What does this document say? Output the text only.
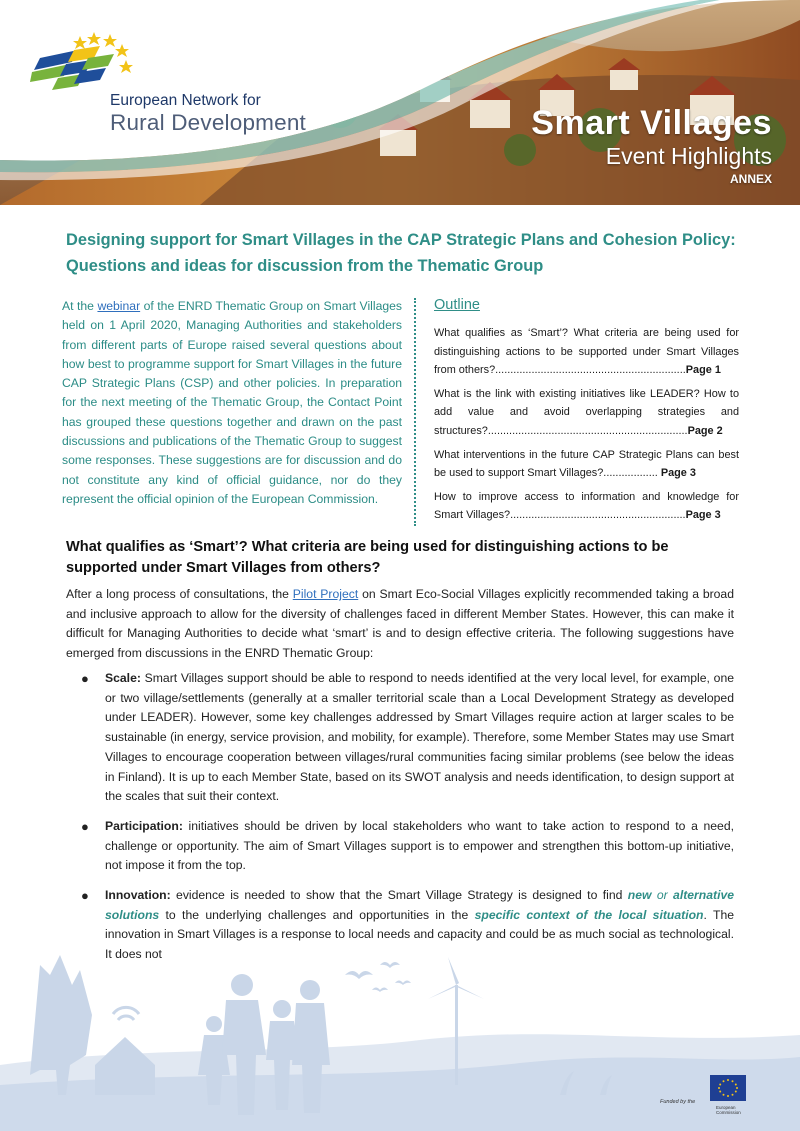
European Network for
Rural Development	Smart Villages
Event Highlights
ANNEX
Designing support for Smart Villages in the CAP Strategic Plans and Cohesion Policy:
Questions and ideas for discussion from the Thematic Group

At the webinar of the ENRD Thematic Group on Smart Villages held on 1 April 2020, Managing Authorities and stakeholders from different parts of Europe raised several questions about how best to programme support for Smart Villages in the future CAP Strategic Plans (CSP) and other policies. In preparation for the next meeting of the Thematic Group, the Contact Point has grouped these questions together and drawn on the past discussions and publications of the Thematic Group to suggest some responses. These suggestions are for discussion and do not constitute any kind of official guidance, nor do they represent the official opinion of the European Commission.

Outline
What qualifies as ‘Smart’? What criteria are being used for distinguishing actions to be supported under Smart Villages from others?...............................................................Page 1
What is the link with existing initiatives like LEADER? How to add value and avoid overlapping strategies and structures?..................................................................Page 2
What interventions in the future CAP Strategic Plans can best be used to support Smart Villages?.................. Page 3
How to improve access to information and knowledge for Smart Villages?..........................................................Page 3
What qualifies as ‘Smart’? What criteria are being used for distinguishing actions to be supported under Smart Villages from others?

After a long process of consultations, the Pilot Project on Smart Eco-Social Villages explicitly recommended taking a broad and inclusive approach to allow for the diversity of challenges faced in different Member States. However, this can make it difficult for Managing Authorities to decide what ‘smart’ is and to design effective criteria. The following suggestions have emerged from discussions in the ENRD Thematic Group:

● Scale: Smart Villages support should be able to respond to needs identified at the very local level, for example, one or two village/settlements (generally at a smaller territorial scale than a Local Development Strategy as developed under LEADER). However, some key challenges addressed by Smart Villages require action at larger scales to be sustainable (in energy, service provision, and mobility, for example). Therefore, some Member States may use Smart Villages to encourage cooperation between villages/rural communities facing similar problems (see below the ideas in Finland). It is up to each Member State, based on its SWOT analysis and needs identification, to design support at the scales that suit their context.
● Participation: initiatives should be driven by local stakeholders who want to take action to respond to a need, challenge or opportunity. The aim of Smart Villages support is to empower and strengthen this bottom-up initiative, not impose it from the top.
● Innovation: evidence is needed to show that the Smart Village Strategy is designed to find new or alternative solutions to the underlying challenges and opportunities in the specific context of the local situation. The innovation in Smart Villages is a response to local needs and capacity and could be as much social as technological. It does not
Funded by the
European
Commission
